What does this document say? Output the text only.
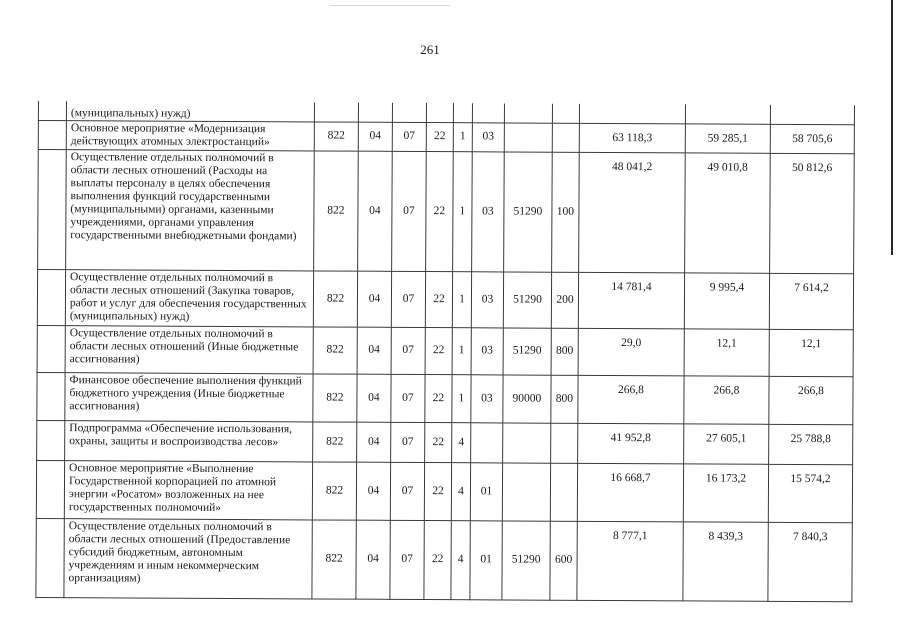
261
	(муниципальных) нужд)											
	Основное мероприятие «Модернизация действующих атомных электростанций»	822	04	07	22	1	03			63 118,3	59 285,1	58 705,6
	Осуществление отдельных полномочий в области лесных отношений (Расходы на выплаты персоналу в целях обеспечения выполнения функций государственными (муниципальными) органами, казенными учреждениями, органами управления государственными внебюджетными фондами)	822	04	07	22	1	03	51290	100	48 041,2	49 010,8	50 812,6
	Осуществление отдельных полномочий в области лесных отношений (Закупка товаров, работ и услуг для обеспечения государственных (муниципальных) нужд)	822	04	07	22	1	03	51290	200	14 781,4	9 995,4	7 614,2
	Осуществление отдельных полномочий в области лесных отношений (Иные бюджетные ассигнования)	822	04	07	22	1	03	51290	800	29,0	12,1	12,1
	Финансовое обеспечение выполнения функций бюджетного учреждения (Иные бюджетные ассигнования)	822	04	07	22	1	03	90000	800	266,8	266,8	266,8
	Подпрограмма «Обеспечение использования, охраны, защиты и воспроизводства лесов»	822	04	07	22	4				41 952,8	27 605,1	25 788,8
	Основное мероприятие «Выполнение Государственной корпорацией по атомной энергии «Росатом» возложенных на нее государственных полномочий»	822	04	07	22	4	01			16 668,7	16 173,2	15 574,2
	Осуществление отдельных полномочий в области лесных отношений (Предоставление субсидий бюджетным, автономным учреждениям и иным некоммерческим организациям)	822	04	07	22	4	01	51290	600	8 777,1	8 439,3	7 840,3
